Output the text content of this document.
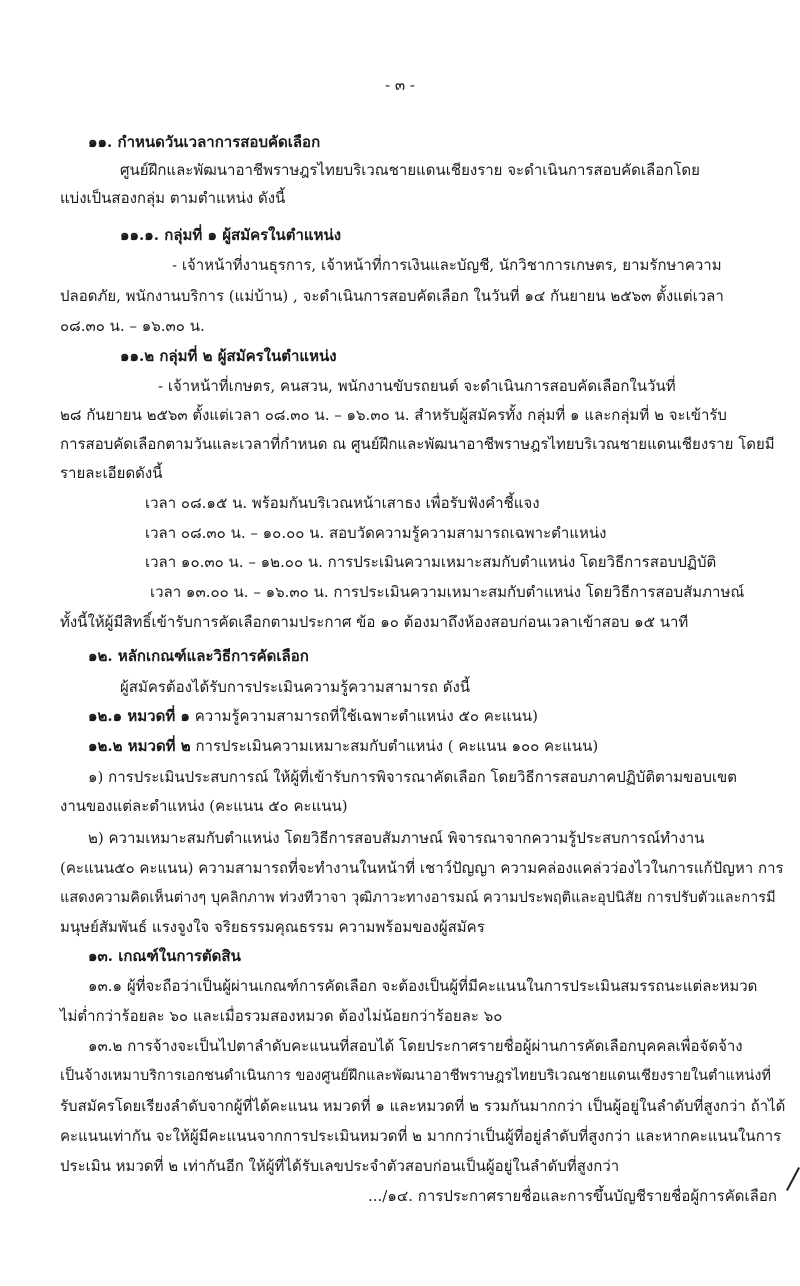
- ๓ -
๑๑. กำหนดวันเวลาการสอบคัดเลือก
ศูนย์ฝึกและพัฒนาอาชีพราษฎรไทยบริเวณชายแดนเชียงราย จะดำเนินการสอบคัดเลือกโดย
แบ่งเป็นสองกลุ่ม ตามตำแหน่ง ดังนี้
๑๑.๑. กลุ่มที่ ๑ ผู้สมัครในตำแหน่ง
- เจ้าหน้าที่งานธุรการ, เจ้าหน้าที่การเงินและบัญชี, นักวิชาการเกษตร, ยามรักษาความ
ปลอดภัย, พนักงานบริการ (แม่บ้าน) , จะดำเนินการสอบคัดเลือก ในวันที่ ๑๔ กันยายน ๒๕๖๓ ตั้งแต่เวลา
๐๘.๓๐ น. – ๑๖.๓๐ น.
๑๑.๒ กลุ่มที่ ๒ ผู้สมัครในตำแหน่ง
- เจ้าหน้าที่เกษตร, คนสวน, พนักงานขับรถยนต์ จะดำเนินการสอบคัดเลือกในวันที่
๒๘ กันยายน ๒๕๖๓ ตั้งแต่เวลา ๐๘.๓๐ น. – ๑๖.๓๐ น. สำหรับผู้สมัครทั้ง กลุ่มที่ ๑ และกลุ่มที่ ๒ จะเข้ารับ
การสอบคัดเลือกตามวันและเวลาที่กำหนด ณ ศูนย์ฝึกและพัฒนาอาชีพราษฎรไทยบริเวณชายแดนเชียงราย โดยมี
รายละเอียดดังนี้
เวลา ๐๘.๑๕ น. พร้อมกันบริเวณหน้าเสาธง เพื่อรับฟังคำชี้แจง
เวลา ๐๘.๓๐ น. – ๑๐.๐๐ น. สอบวัดความรู้ความสามารถเฉพาะตำแหน่ง
เวลา ๑๐.๓๐ น. – ๑๒.๐๐ น. การประเมินความเหมาะสมกับตำแหน่ง โดยวิธีการสอบปฏิบัติ
เวลา ๑๓.๐๐ น. – ๑๖.๓๐ น. การประเมินความเหมาะสมกับตำแหน่ง โดยวิธีการสอบสัมภาษณ์
ทั้งนี้ให้ผู้มีสิทธิ์เข้ารับการคัดเลือกตามประกาศ ข้อ ๑๐ ต้องมาถึงห้องสอบก่อนเวลาเข้าสอบ ๑๕ นาที
๑๒. หลักเกณฑ์และวิธีการคัดเลือก
ผู้สมัครต้องได้รับการประเมินความรู้ความสามารถ ดังนี้
๑๒.๑ หมวดที่ ๑ ความรู้ความสามารถที่ใช้เฉพาะตำแหน่ง ๕๐ คะแนน)
๑๒.๒ หมวดที่ ๒ การประเมินความเหมาะสมกับตำแหน่ง ( คะแนน ๑๐๐ คะแนน)
๑) การประเมินประสบการณ์ ให้ผู้ที่เข้ารับการพิจารณาคัดเลือก โดยวิธีการสอบภาคปฏิบัติตามขอบเขต
งานของแต่ละตำแหน่ง (คะแนน ๕๐ คะแนน)
๒) ความเหมาะสมกับตำแหน่ง โดยวิธีการสอบสัมภาษณ์ พิจารณาจากความรู้ประสบการณ์ทำงาน
(คะแนน๕๐ คะแนน) ความสามารถที่จะทำงานในหน้าที่ เชาว์ปัญญา ความคล่องแคล่วว่องไวในการแก้ปัญหา การ
แสดงความคิดเห็นต่างๆ บุคลิกภาพ ท่วงทีวาจา วุฒิภาวะทางอารมณ์ ความประพฤติและอุปนิสัย การปรับตัวและการมี
มนุษย์สัมพันธ์ แรงจูงใจ จริยธรรมคุณธรรม ความพร้อมของผู้สมัคร
๑๓. เกณฑ์ในการตัดสิน
๑๓.๑ ผู้ที่จะถือว่าเป็นผู้ผ่านเกณฑ์การคัดเลือก จะต้องเป็นผู้ที่มีคะแนนในการประเมินสมรรถนะแต่ละหมวด
ไม่ต่ำกว่าร้อยละ ๖๐ และเมื่อรวมสองหมวด ต้องไม่น้อยกว่าร้อยละ ๖๐
๑๓.๒ การจ้างจะเป็นไปตาลำดับคะแนนที่สอบได้ โดยประกาศรายชื่อผู้ผ่านการคัดเลือกบุคคลเพื่อจัดจ้าง
เป็นจ้างเหมาบริการเอกชนดำเนินการ ของศูนย์ฝึกและพัฒนาอาชีพราษฎรไทยบริเวณชายแดนเชียงรายในตำแหน่งที่
รับสมัครโดยเรียงลำดับจากผู้ที่ได้คะแนน หมวดที่ ๑ และหมวดที่ ๒ รวมกันมากกว่า เป็นผู้อยู่ในลำดับที่สูงกว่า ถ้าได้
คะแนนเท่ากัน จะให้ผู้มีคะแนนจากการประเมินหมวดที่ ๒ มากกว่าเป็นผู้ที่อยู่ลำดับที่สูงกว่า และหากคะแนนในการ
ประเมิน หมวดที่ ๒ เท่ากันอีก ให้ผู้ที่ได้รับเลขประจำตัวสอบก่อนเป็นผู้อยู่ในลำดับที่สูงกว่า
.../๑๔. การประกาศรายชื่อและการขึ้นบัญชีรายชื่อผู้การคัดเลือก
